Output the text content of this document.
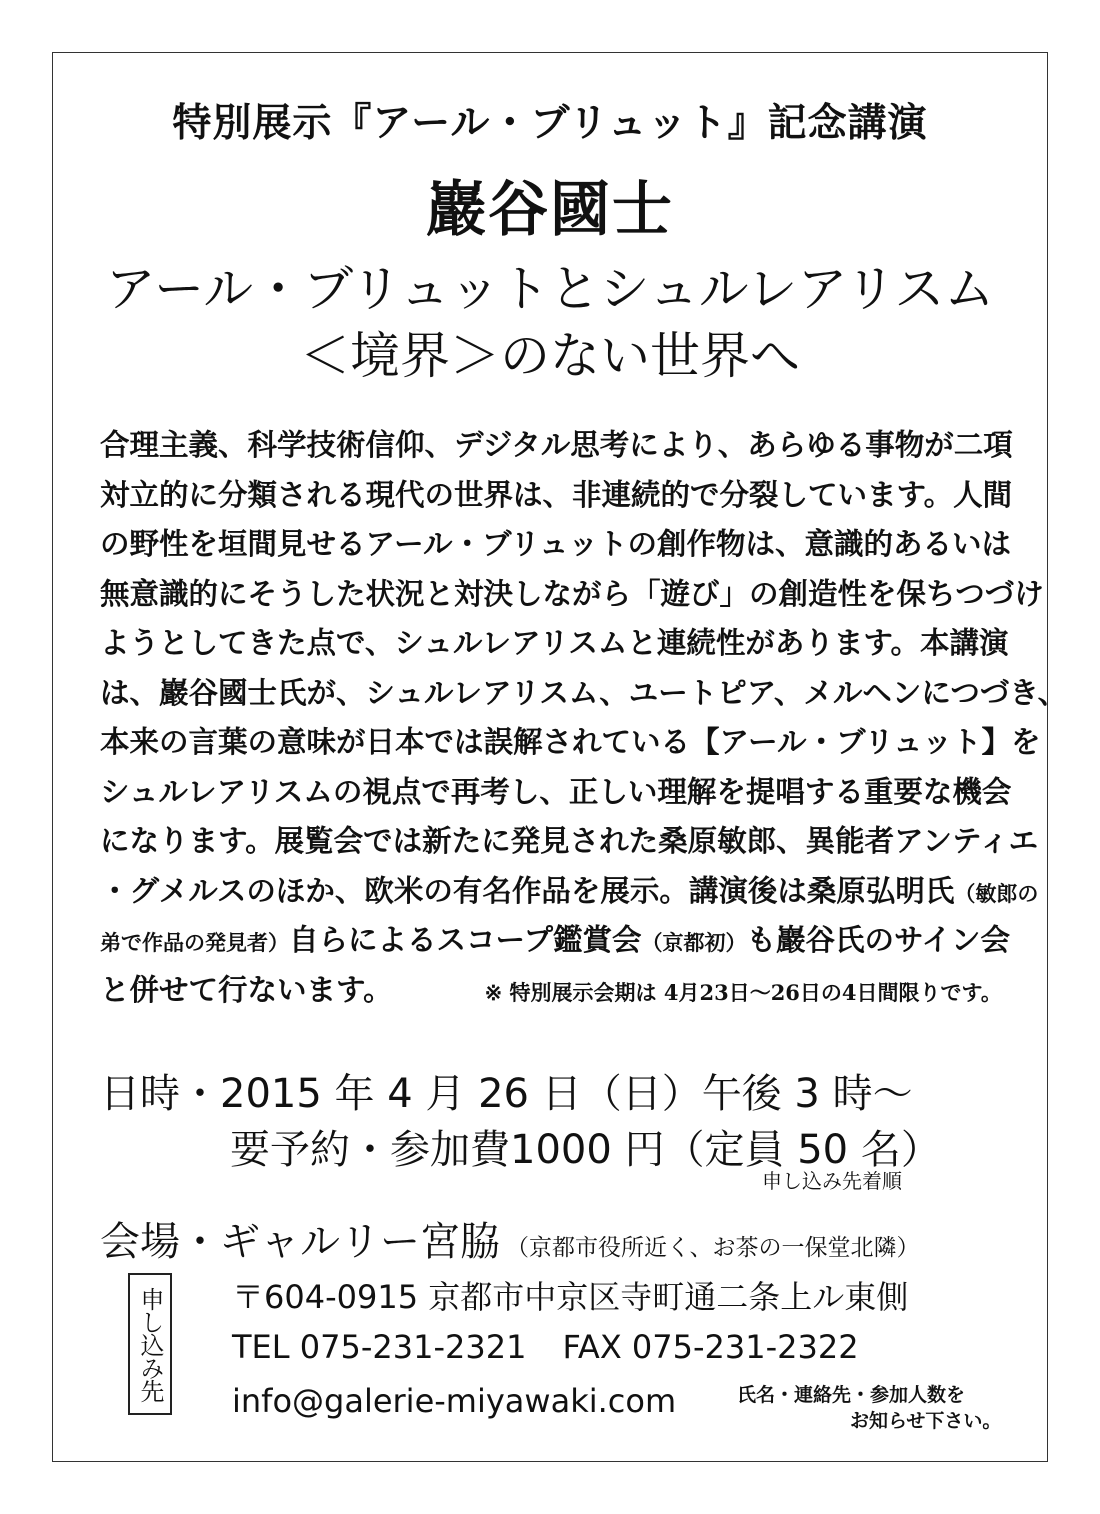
特別展示『アール・ブリュット』記念講演
巖谷國士
アール・ブリュットとシュルレアリスム
＜境界＞のない世界へ
合理主義、科学技術信仰、デジタル思考により、あらゆる事物が二項
対立的に分類される現代の世界は、非連続的で分裂しています。人間
の野性を垣間見せるアール・ブリュットの創作物は、意識的あるいは
無意識的にそうした状況と対決しながら「遊び」の創造性を保ちつづけ
ようとしてきた点で、シュルレアリスムと連続性があります。本講演
は、巖谷國士氏が、シュルレアリスム、ユートピア、メルヘンにつづき、
本来の言葉の意味が日本では誤解されている【アール・ブリュット】を
シュルレアリスムの視点で再考し、正しい理解を提唱する重要な機会
になります。展覧会では新たに発見された桑原敏郎、異能者アンティエ
・グメルスのほか、欧米の有名作品を展示。講演後は桑原弘明氏（敏郎の
弟で作品の発見者）自らによるスコープ鑑賞会（京都初）も巖谷氏のサイン会
と併せて行ないます。	※ 特別展示会期は 4月23日〜26日の4日間限りです。
日時・2015 年 4 月 26 日（日）午後 3 時〜
要予約・参加費1000 円（定員 50 名）
申し込み先着順
会場・ギャルリー宮脇 （京都市役所近く、お茶の一保堂北隣）
申し込み先 〒604-0915 京都市中京区寺町通二条上ル東側
TEL 075-231-2321 FAX 075-231-2322
info@galerie-miyawaki.com	氏名・連絡先・参加人数を
お知らせ下さい。
